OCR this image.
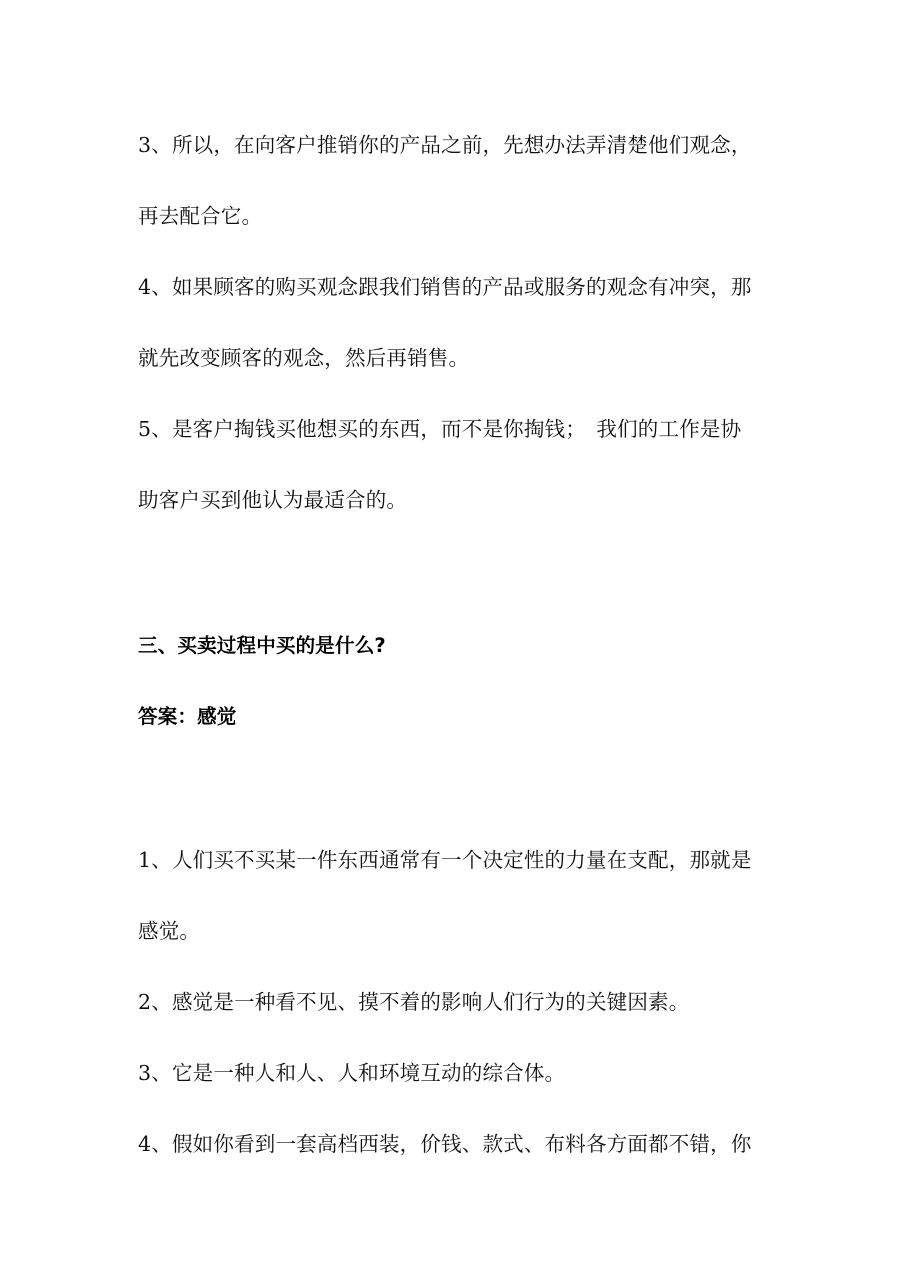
3、所以，在向客户推销你的产品之前，先想办法弄清楚他们观念，

再去配合它。

4、如果顾客的购买观念跟我们销售的产品或服务的观念有冲突，那

就先改变顾客的观念，然后再销售。

5、是客户掏钱买他想买的东西，而不是你掏钱；　我们的工作是协

助客户买到他认为最适合的。

三、买卖过程中买的是什么?
答案：感觉

1、人们买不买某一件东西通常有一个决定性的力量在支配，那就是

感觉。

2、感觉是一种看不见、摸不着的影响人们行为的关键因素。

3、它是一种人和人、人和环境互动的综合体。

4、假如你看到一套高档西装，价钱、款式、布料各方面都不错，你
